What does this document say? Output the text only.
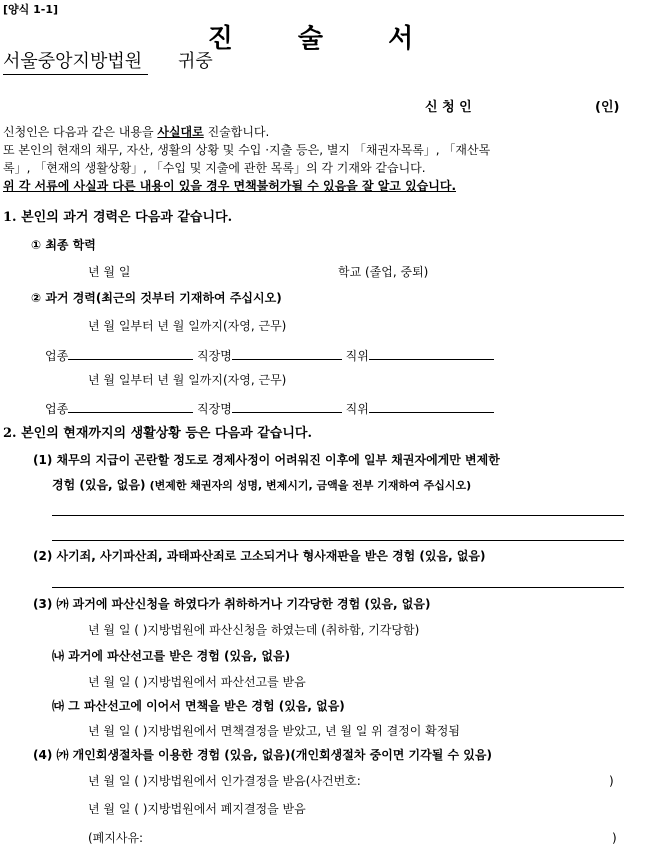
[양식 1-1]
진 술 서
서울중앙지방법원 귀중
신 청 인	(인)
신청인은 다음과 같은 내용을 사실대로 진술합니다.
또 본인의 현재의 채무, 자산, 생활의 상황 및 수입 ·지출 등은, 별지 「채권자목록」, 「재산목
록」, 「현재의 생활상황」, 「수입 및 지출에 관한 목록」의 각 기재와 같습니다.
위 각 서류에 사실과 다른 내용이 있을 경우 면책불허가될 수 있음을 잘 알고 있습니다.
1. 본인의 과거 경력은 다음과 같습니다.
① 최종 학력
년 월 일	학교 (졸업, 중퇴)
② 과거 경력(최근의 것부터 기재하여 주십시오)
년 월 일부터 년 월 일까지(자영, 근무)
업종	직장명	직위
년 월 일부터 년 월 일까지(자영, 근무)
업종	직장명	직위
2. 본인의 현재까지의 생활상황 등은 다음과 같습니다.
(1) 채무의 지급이 곤란할 정도로 경제사정이 어려워진 이후에 일부 채권자에게만 변제한
경험 (있음, 없음) (변제한 채권자의 성명, 변제시기, 금액을 전부 기재하여 주십시오)
(2) 사기죄, 사기파산죄, 과태파산죄로 고소되거나 형사재판을 받은 경험 (있음, 없음)
(3) ㈎ 과거에 파산신청을 하였다가 취하하거나 기각당한 경험 (있음, 없음)
년 월 일 ( )지방법원에 파산신청을 하였는데 (취하함, 기각당함)
㈏ 과거에 파산선고를 받은 경험 (있음, 없음)
년 월 일 ( )지방법원에서 파산선고를 받음
㈐ 그 파산선고에 이어서 면책을 받은 경험 (있음, 없음)
년 월 일 ( )지방법원에서 면책결정을 받았고, 년 월 일 위 결정이 확정됨
(4) ㈎ 개인회생절차를 이용한 경험 (있음, 없음)(개인회생절차 중이면 기각될 수 있음)
년 월 일 ( )지방법원에서 인가결정을 받음(사건번호:	)
년 월 일 ( )지방법원에서 폐지결정을 받음
(폐지사유:	)
